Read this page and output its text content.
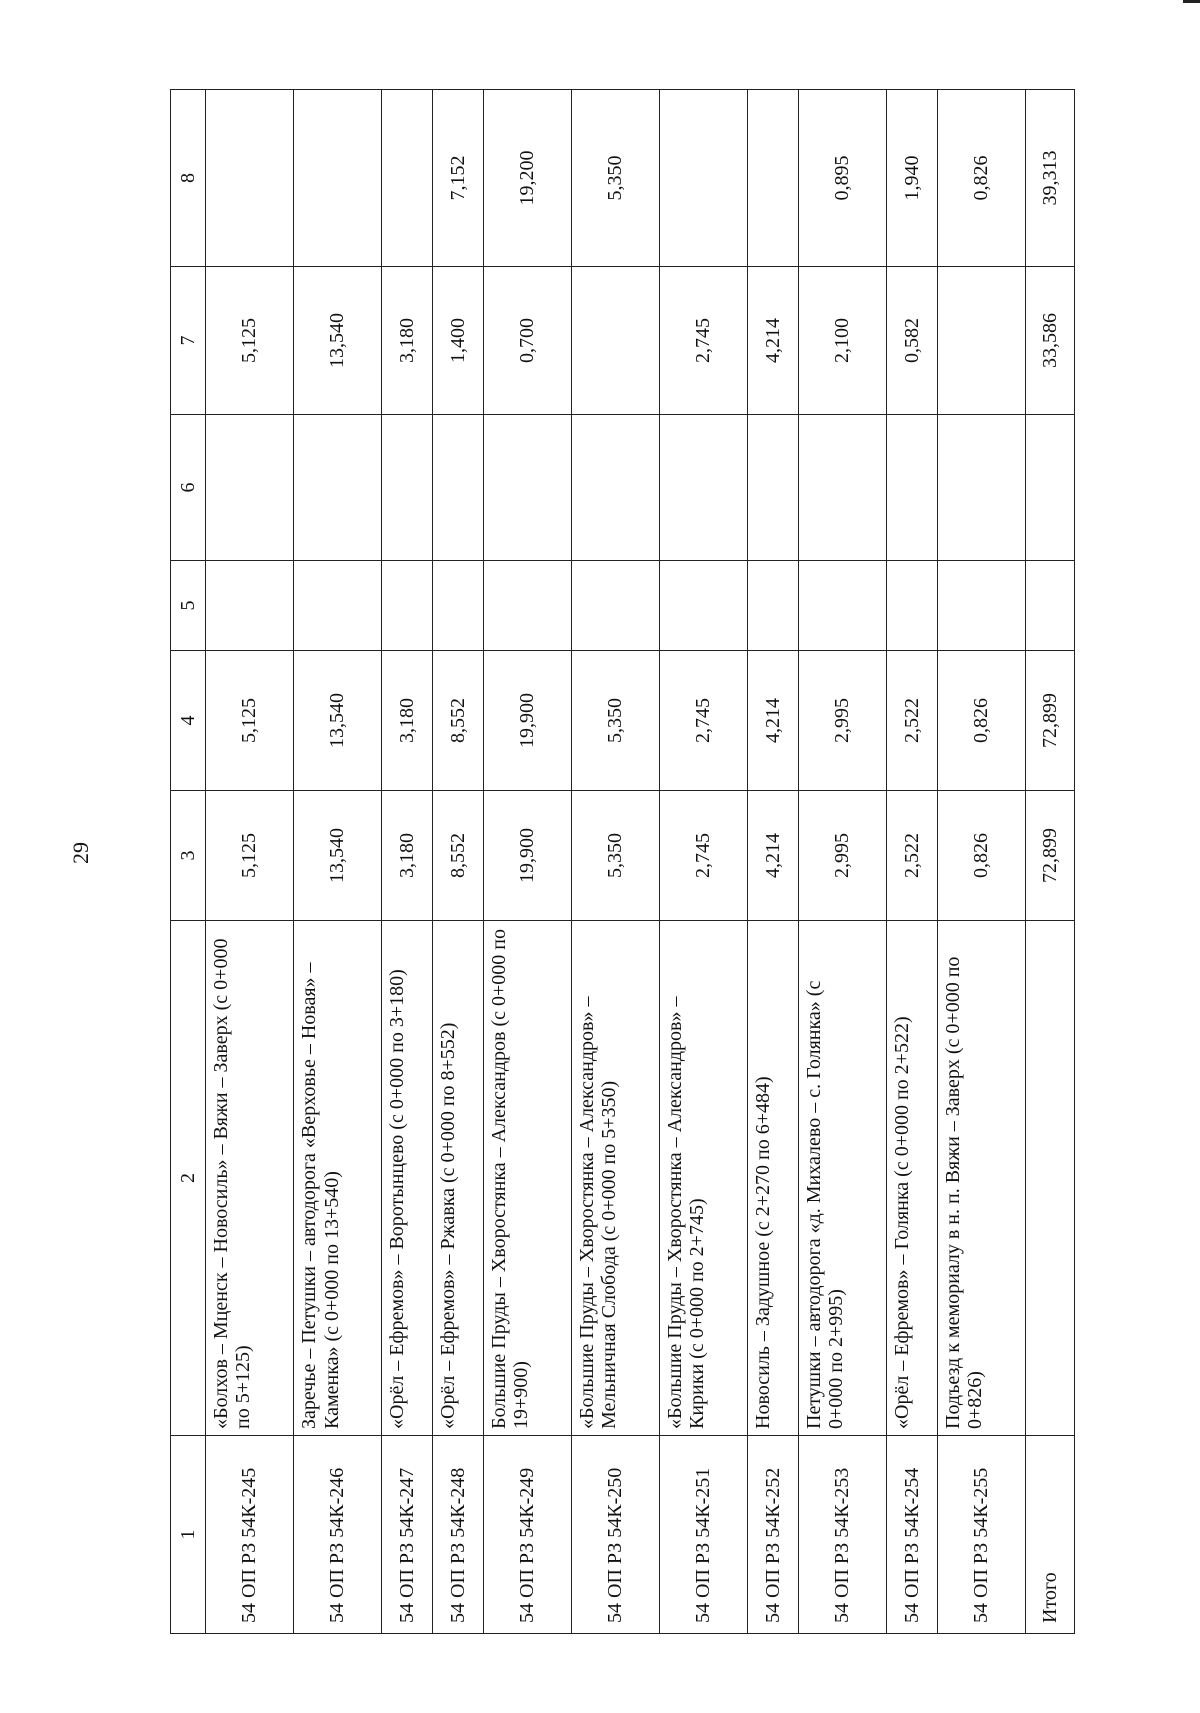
29
1	2	3	4	5	6	7	8
54 ОП РЗ 54К-245	«Болхов – Мценск – Новосиль» – Вяжи – Заверх (с 0+000 по 5+125)	5,125	5,125			5,125	
54 ОП РЗ 54К-246	Заречье – Петушки – автодорога «Верховье – Новая» – Каменка» (с 0+000 по 13+540)	13,540	13,540			13,540	
54 ОП РЗ 54К-247	«Орёл – Ефремов» – Воротынцево (с 0+000 по 3+180)	3,180	3,180			3,180	
54 ОП РЗ 54К-248	«Орёл – Ефремов» – Ржавка (с 0+000 по 8+552)	8,552	8,552			1,400	7,152
54 ОП РЗ 54К-249	Большие Пруды – Хворостянка – Александров (с 0+000 по 19+900)	19,900	19,900			0,700	19,200
54 ОП РЗ 54К-250	«Большие Пруды – Хворостянка – Александров» – Мельничная Слобода (с 0+000 по 5+350)	5,350	5,350				5,350
54 ОП РЗ 54К-251	«Большие Пруды – Хворостянка – Александров» – Кирики (с 0+000 по 2+745)	2,745	2,745			2,745	
54 ОП РЗ 54К-252	Новосиль – Задушное (с 2+270 по 6+484)	4,214	4,214			4,214	
54 ОП РЗ 54К-253	Петушки – автодорога «д. Михалево – с. Голянка» (с 0+000 по 2+995)	2,995	2,995			2,100	0,895
54 ОП РЗ 54К-254	«Орёл – Ефремов» – Голянка (с 0+000 по 2+522)	2,522	2,522			0,582	1,940
54 ОП РЗ 54К-255	Подъезд к мемориалу в н. п. Вяжи – Заверх (с 0+000 по 0+826)	0,826	0,826				0,826
Итого		72,899	72,899			33,586	39,313
